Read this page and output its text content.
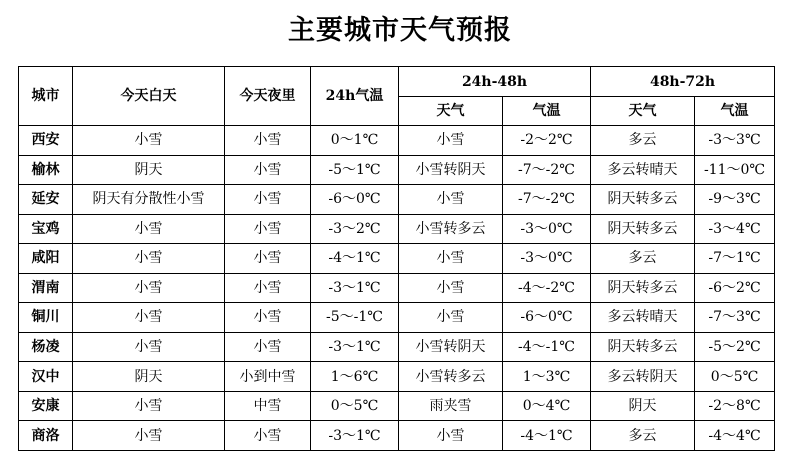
主要城市天气预报
城市	今天白天	今天夜里	24h气温	24h-48h		48h-72h	
				天气	气温	天气	气温
西安	小雪	小雪	0～1℃	小雪	-2～2℃	多云	-3～3℃
榆林	阴天	小雪	-5～1℃	小雪转阴天	-7～-2℃	多云转晴天	-11～0℃
延安	阴天有分散性小雪	小雪	-6～0℃	小雪	-7～-2℃	阴天转多云	-9～3℃
宝鸡	小雪	小雪	-3～2℃	小雪转多云	-3～0℃	阴天转多云	-3～4℃
咸阳	小雪	小雪	-4～1℃	小雪	-3～0℃	多云	-7～1℃
渭南	小雪	小雪	-3～1℃	小雪	-4～-2℃	阴天转多云	-6～2℃
铜川	小雪	小雪	-5～-1℃	小雪	-6～0℃	多云转晴天	-7～3℃
杨凌	小雪	小雪	-3～1℃	小雪转阴天	-4～-1℃	阴天转多云	-5～2℃
汉中	阴天	小到中雪	1～6℃	小雪转多云	1～3℃	多云转阴天	0～5℃
安康	小雪	中雪	0～5℃	雨夹雪	0～4℃	阴天	-2～8℃
商洛	小雪	小雪	-3～1℃	小雪	-4～1℃	多云	-4～4℃
